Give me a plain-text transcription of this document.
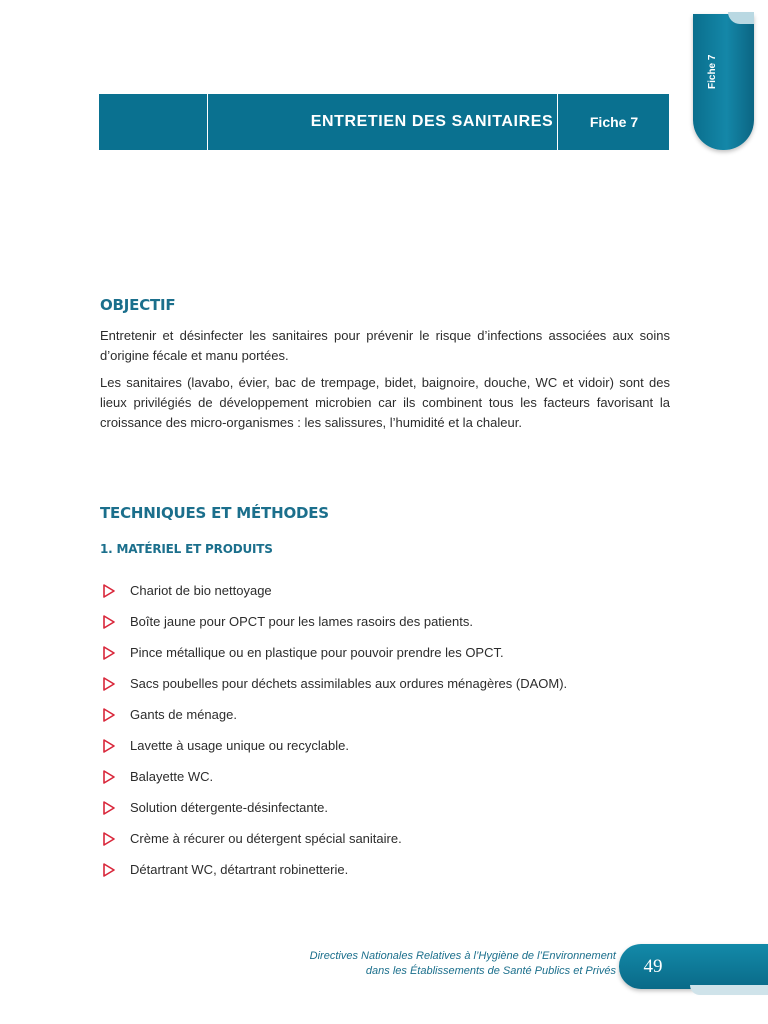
Fiche 7
ENTRETIEN DES SANITAIRES	Fiche 7
OBJECTIF

Entretenir et désinfecter les sanitaires pour prévenir le risque d’infections associées aux soins d’origine fécale et manu portées.

Les sanitaires (lavabo, évier, bac de trempage, bidet, baignoire, douche, WC et vidoir) sont des lieux privilégiés de développement microbien car ils combinent tous les facteurs favorisant la croissance des micro-organismes : les salissures, l’humidité et la chaleur.

TECHNIQUES ET MÉTHODES
1. MATÉRIEL ET PRODUITS
Chariot de bio nettoyage
Boîte jaune pour OPCT pour les lames rasoirs des patients.
Pince métallique ou en plastique pour pouvoir prendre les OPCT.
Sacs poubelles pour déchets assimilables aux ordures ménagères (DAOM).
Gants de ménage.
Lavette à usage unique ou recyclable.
Balayette WC.
Solution détergente-désinfectante.
Crème à récurer ou détergent spécial sanitaire.
Détartrant WC, détartrant robinetterie.
Directives Nationales Relatives à l’Hygiène de l’Environnement
dans les Établissements de Santé Publics et Privés	49
